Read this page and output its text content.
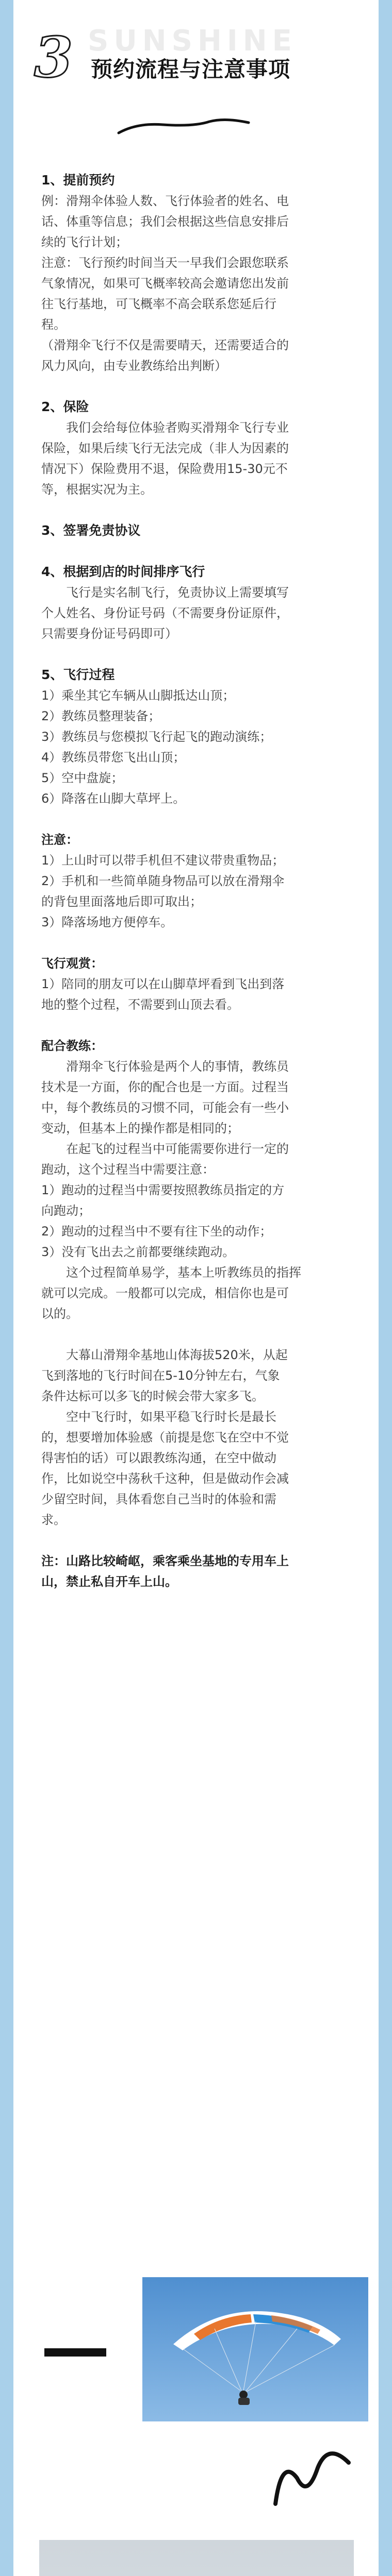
SUNSHINE
3 预约流程与注意事项
1、提前预约

例：滑翔伞体验人数、飞行体验者的姓名、电

话、体重等信息；我们会根据这些信息安排后

续的飞行计划；

注意：飞行预约时间当天一早我们会跟您联系

气象情况，如果可飞概率较高会邀请您出发前

往飞行基地，可飞概率不高会联系您延后行

程。

（滑翔伞飞行不仅是需要晴天，还需要适合的

风力风向，由专业教练给出判断）

2、保险

我们会给每位体验者购买滑翔伞飞行专业

保险，如果后续飞行无法完成（非人为因素的

情况下）保险费用不退，保险费用15-30元不

等，根据实况为主。

3、签署免责协议
4、根据到店的时间排序飞行

飞行是实名制飞行，免责协议上需要填写

个人姓名、身份证号码（不需要身份证原件，

只需要身份证号码即可）

5、飞行过程

1）乘坐其它车辆从山脚抵达山顶；

2）教练员整理装备；

3）教练员与您模拟飞行起飞的跑动演练；

4）教练员带您飞出山顶；

5）空中盘旋；

6）降落在山脚大草坪上。

注意：

1）上山时可以带手机但不建议带贵重物品；

2）手机和一些简单随身物品可以放在滑翔伞

的背包里面落地后即可取出；

3）降落场地方便停车。

飞行观赏：

1）陪同的朋友可以在山脚草坪看到飞出到落

地的整个过程，不需要到山顶去看。

配合教练：

滑翔伞飞行体验是两个人的事情，教练员

技术是一方面，你的配合也是一方面。过程当

中，每个教练员的习惯不同，可能会有一些小

变动，但基本上的操作都是相同的；

在起飞的过程当中可能需要你进行一定的

跑动，这个过程当中需要注意：

1）跑动的过程当中需要按照教练员指定的方

向跑动；

2）跑动的过程当中不要有往下坐的动作；

3）没有飞出去之前都要继续跑动。

这个过程简单易学，基本上听教练员的指挥

就可以完成。一般都可以完成，相信你也是可

以的。

大幕山滑翔伞基地山体海拔520米，从起

飞到落地的飞行时间在5-10分钟左右，气象

条件达标可以多飞的时候会带大家多飞。

空中飞行时，如果平稳飞行时长是最长

的，想要增加体验感（前提是您飞在空中不觉

得害怕的话）可以跟教练沟通，在空中做动

作，比如说空中荡秋千这种，但是做动作会减

少留空时间，具体看您自己当时的体验和需

求。

注：山路比较崎岖，乘客乘坐基地的专用车上

山，禁止私自开车上山。
